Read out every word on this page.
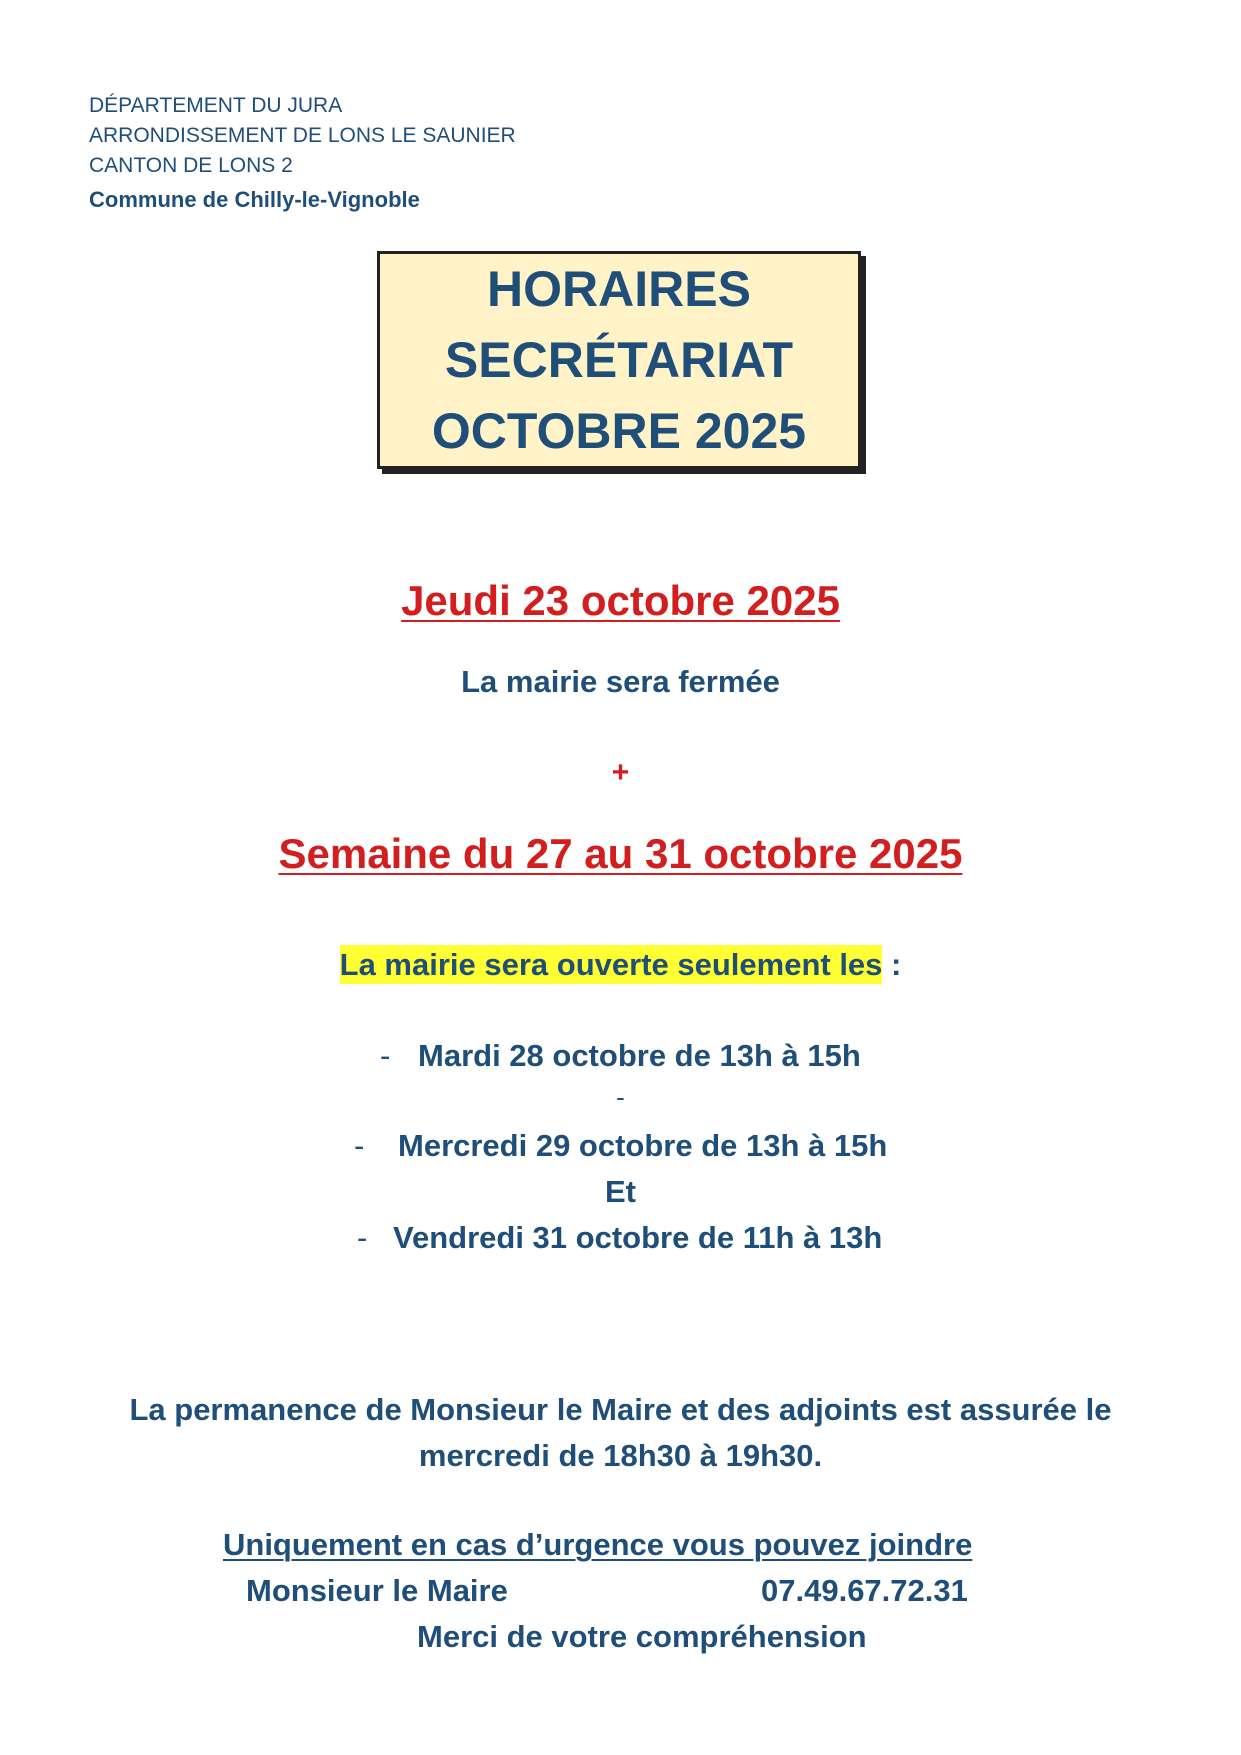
DÉPARTEMENT DU JURA
ARRONDISSEMENT DE LONS LE SAUNIER
CANTON DE LONS 2
Commune de Chilly-le-Vignoble
HORAIRES
SECRÉTARIAT
OCTOBRE 2025
Jeudi 23 octobre 2025
La mairie sera fermée
+
Semaine du 27 au 31 octobre 2025
La mairie sera ouverte seulement les :
- Mardi 28 octobre de 13h à 15h
-
- Mercredi 29 octobre de 13h à 15h
Et
- Vendredi 31 octobre de 11h à 13h
La permanence de Monsieur le Maire et des adjoints est assurée le
mercredi de 18h30 à 19h30.
Uniquement en cas d’urgence vous pouvez joindre
Monsieur le Maire	07.49.67.72.31
Merci de votre compréhension
